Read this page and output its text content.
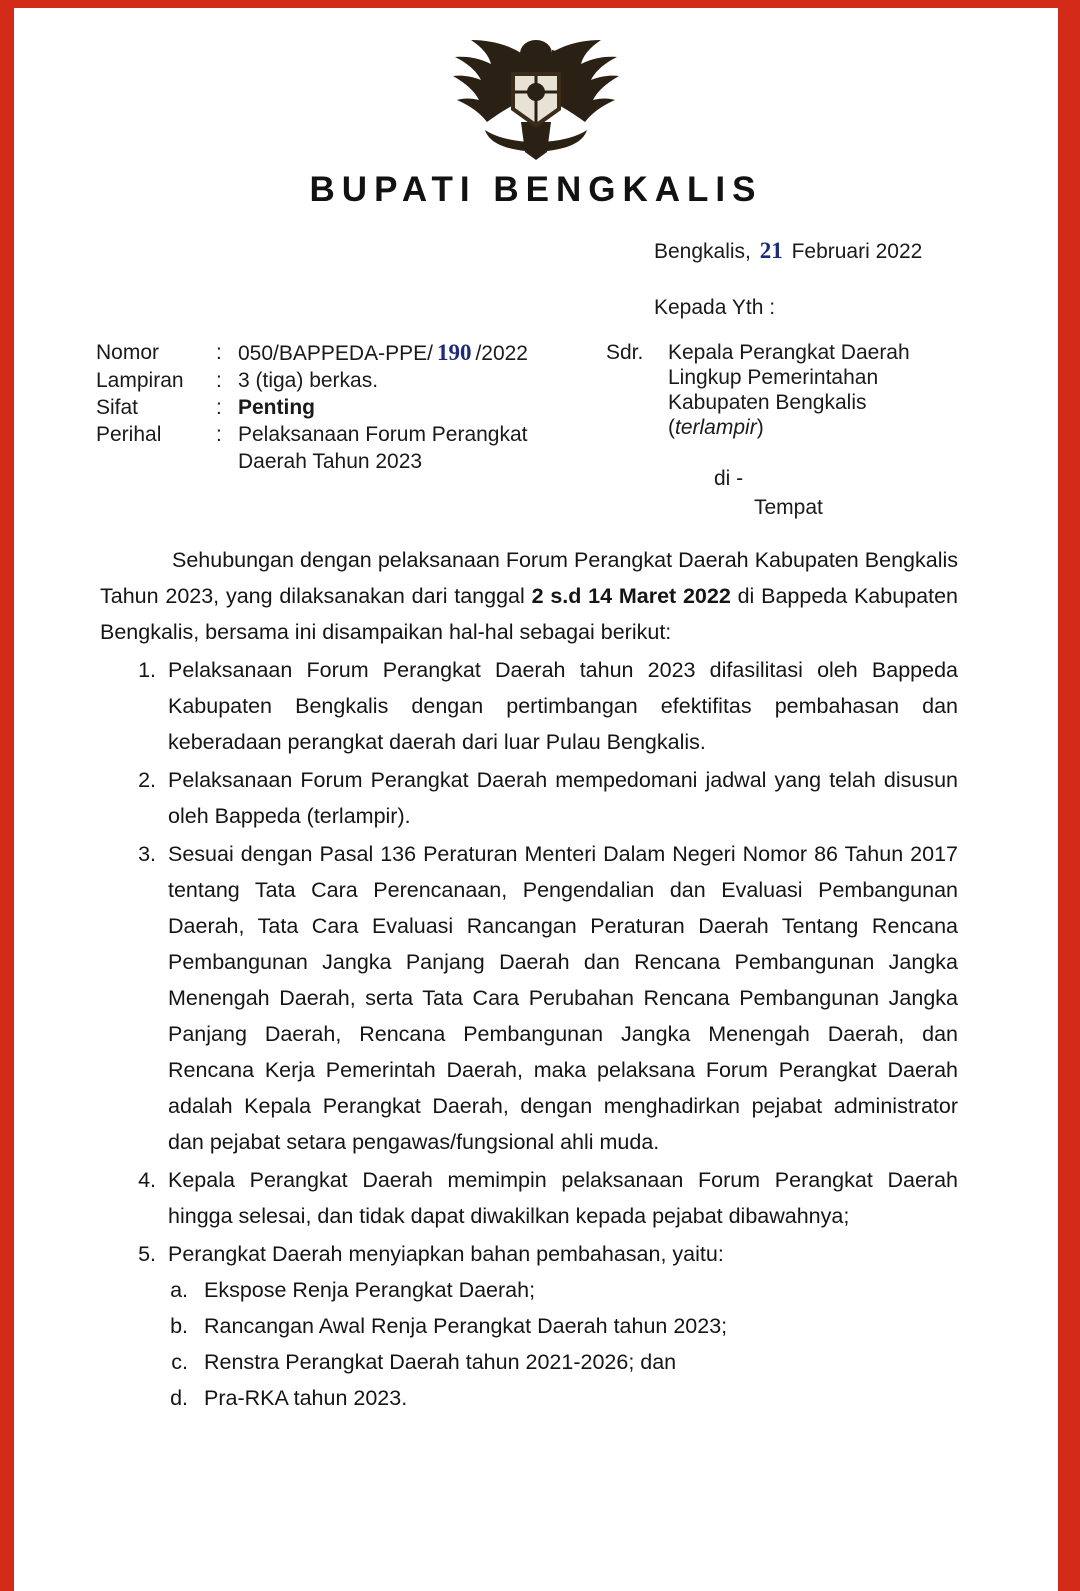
BUPATI BENGKALIS
Bengkalis, 21 Februari 2022
Kepada Yth :
Nomor	: 050/BAPPEDA-PPE/ 190 /2022
Lampiran	: 3 (tiga) berkas.
Sifat	: Penting
Perihal	: Pelaksanaan Forum Perangkat
Daerah Tahun 2023
Sdr. Kepala Perangkat Daerah
Lingkup Pemerintahan
Kabupaten Bengkalis
(terlampir)
di -
Tempat

Sehubungan dengan pelaksanaan Forum Perangkat Daerah Kabupaten Bengkalis Tahun 2023, yang dilaksanakan dari tanggal 2 s.d 14 Maret 2022 di Bappeda Kabupaten Bengkalis, bersama ini disampaikan hal-hal sebagai berikut:

1. Pelaksanaan Forum Perangkat Daerah tahun 2023 difasilitasi oleh Bappeda Kabupaten Bengkalis dengan pertimbangan efektifitas pembahasan dan keberadaan perangkat daerah dari luar Pulau Bengkalis.
2. Pelaksanaan Forum Perangkat Daerah mempedomani jadwal yang telah disusun oleh Bappeda (terlampir).
3. Sesuai dengan Pasal 136 Peraturan Menteri Dalam Negeri Nomor 86 Tahun 2017 tentang Tata Cara Perencanaan, Pengendalian dan Evaluasi Pembangunan Daerah, Tata Cara Evaluasi Rancangan Peraturan Daerah Tentang Rencana Pembangunan Jangka Panjang Daerah dan Rencana Pembangunan Jangka Menengah Daerah, serta Tata Cara Perubahan Rencana Pembangunan Jangka Panjang Daerah, Rencana Pembangunan Jangka Menengah Daerah, dan Rencana Kerja Pemerintah Daerah, maka pelaksana Forum Perangkat Daerah adalah Kepala Perangkat Daerah, dengan menghadirkan pejabat administrator dan pejabat setara pengawas/fungsional ahli muda.
4. Kepala Perangkat Daerah memimpin pelaksanaan Forum Perangkat Daerah hingga selesai, dan tidak dapat diwakilkan kepada pejabat dibawahnya;
5. Perangkat Daerah menyiapkan bahan pembahasan, yaitu:
a. Ekspose Renja Perangkat Daerah;
b. Rancangan Awal Renja Perangkat Daerah tahun 2023;
c. Renstra Perangkat Daerah tahun 2021-2026; dan
d. Pra-RKA tahun 2023.
